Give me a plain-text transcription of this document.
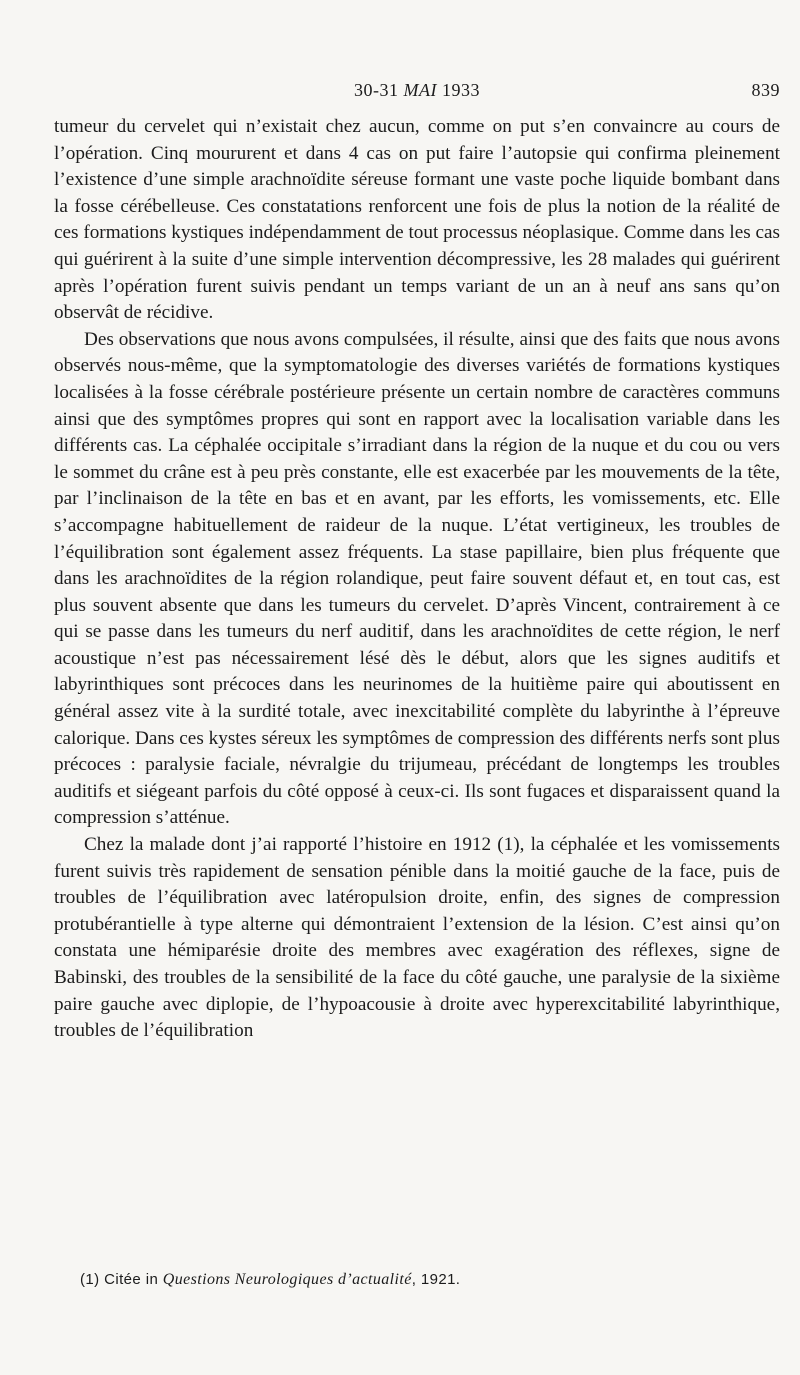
30-31 MAI 1933	839

tumeur du cervelet qui n’existait chez aucun, comme on put s’en convaincre au cours de l’opération. Cinq moururent et dans 4 cas on put faire l’autopsie qui confirma pleinement l’existence d’une simple arachnoïdite séreuse formant une vaste poche liquide bombant dans la fosse cérébelleuse. Ces constatations renforcent une fois de plus la notion de la réalité de ces formations kystiques indépendamment de tout processus néoplasique. Comme dans les cas qui guérirent à la suite d’une simple intervention décompressive, les 28 malades qui guérirent après l’opération furent suivis pendant un temps variant de un an à neuf ans sans qu’on observât de récidive.

Des observations que nous avons compulsées, il résulte, ainsi que des faits que nous avons observés nous-même, que la symptomatologie des diverses variétés de formations kystiques localisées à la fosse cérébrale postérieure présente un certain nombre de caractères communs ainsi que des symptômes propres qui sont en rapport avec la localisation variable dans les différents cas. La céphalée occipitale s’irradiant dans la région de la nuque et du cou ou vers le sommet du crâne est à peu près constante, elle est exacerbée par les mouvements de la tête, par l’inclinaison de la tête en bas et en avant, par les efforts, les vomissements, etc. Elle s’accompagne habituellement de raideur de la nuque. L’état vertigineux, les troubles de l’équilibration sont également assez fréquents. La stase papillaire, bien plus fréquente que dans les arachnoïdites de la région rolandique, peut faire souvent défaut et, en tout cas, est plus souvent absente que dans les tumeurs du cervelet. D’après Vincent, contrairement à ce qui se passe dans les tumeurs du nerf auditif, dans les arachnoïdites de cette région, le nerf acoustique n’est pas nécessairement lésé dès le début, alors que les signes auditifs et labyrinthiques sont précoces dans les neurinomes de la huitième paire qui aboutissent en général assez vite à la surdité totale, avec inexcitabilité complète du labyrinthe à l’épreuve calorique. Dans ces kystes séreux les symptômes de compression des différents nerfs sont plus précoces : paralysie faciale, névralgie du trijumeau, précédant de longtemps les troubles auditifs et siégeant parfois du côté opposé à ceux-ci. Ils sont fugaces et disparaissent quand la compression s’atténue.

Chez la malade dont j’ai rapporté l’histoire en 1912 (1), la céphalée et les vomissements furent suivis très rapidement de sensation pénible dans la moitié gauche de la face, puis de troubles de l’équilibration avec latéropulsion droite, enfin, des signes de compression protubérantielle à type alterne qui démontraient l’extension de la lésion. C’est ainsi qu’on constata une hémiparésie droite des membres avec exagération des réflexes, signe de Babinski, des troubles de la sensibilité de la face du côté gauche, une paralysie de la sixième paire gauche avec diplopie, de l’hypoacousie à droite avec hyperexcitabilité labyrinthique, troubles de l’équilibration

(1) Citée in Questions Neurologiques d’actualité, 1921.
